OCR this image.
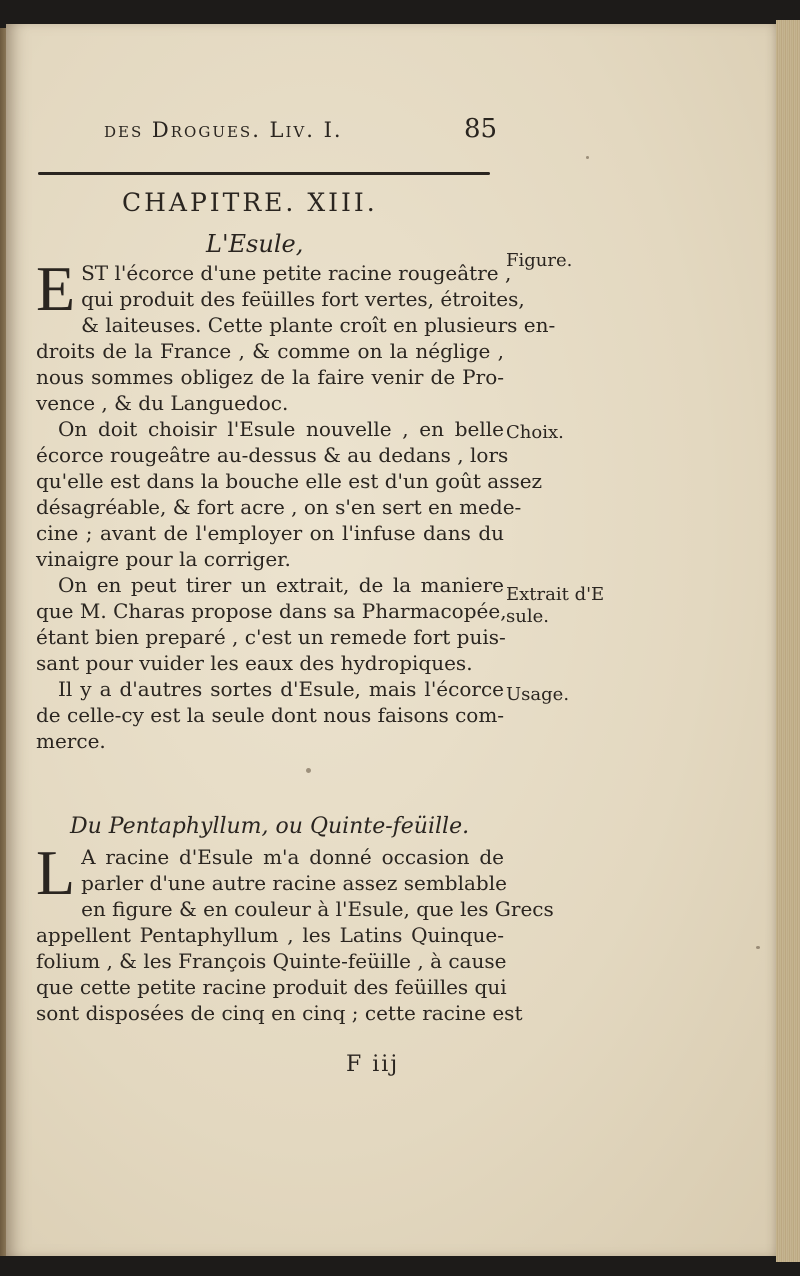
des Drogues. Liv. I.	85
CHAPITRE. XIII.
L'Esule,
E ST l'écorce d'une petite racine rougeâtre ,
qui produit des feüilles fort vertes, étroites,
& laiteuses. Cette plante croît en plusieurs en-
droits de la France , & comme on la néglige ,
nous sommes obligez de la faire venir de Pro-
vence , & du Languedoc.
On doit choisir l'Esule nouvelle , en belle
écorce rougeâtre au-dessus & au dedans , lors
qu'elle est dans la bouche elle est d'un goût assez
désagréable, & fort acre , on s'en sert en mede-
cine ; avant de l'employer on l'infuse dans du
vinaigre pour la corriger.
On en peut tirer un extrait, de la maniere
que M. Charas propose dans sa Pharmacopée,
étant bien preparé , c'est un remede fort puis-
sant pour vuider les eaux des hydropiques.
Il y a d'autres sortes d'Esule, mais l'écorce
de celle-cy est la seule dont nous faisons com-
merce.
Figure.
Choix.
Extrait d'E
sule.
Usage.
Du Pentaphyllum, ou Quinte-feüille.
L A racine d'Esule m'a donné occasion de
parler d'une autre racine assez semblable
en figure & en couleur à l'Esule, que les Grecs
appellent Pentaphyllum , les Latins Quinque-
folium , & les François Quinte-feüille , à cause
que cette petite racine produit des feüilles qui
sont disposées de cinq en cinq ; cette racine est
F iij
